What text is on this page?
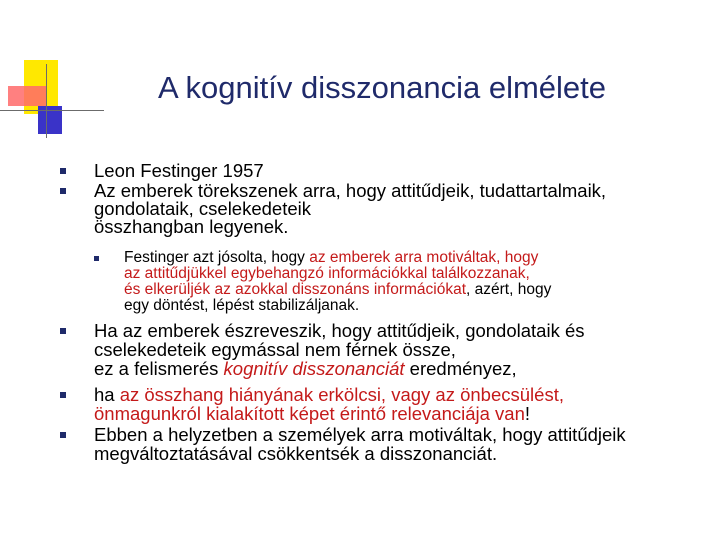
A kognitív disszonancia elmélete
Leon Festinger 1957
Az emberek törekszenek arra, hogy attitűdjeik, tudattartalmaik,
gondolataik, cselekedeteik
összhangban legyenek.
Festinger azt jósolta, hogy az emberek arra motiváltak, hogy
az attitűdjükkel egybehangzó információkkal találkozzanak,
és elkerüljék az azokkal disszonáns információkat, azért, hogy
egy döntést, lépést stabilizáljanak.
Ha az emberek észreveszik, hogy attitűdjeik, gondolataik és
cselekedeteik egymással nem férnek össze,
ez a felismerés kognitív disszonanciát eredményez,
ha az összhang hiányának erkölcsi, vagy az önbecsülést,
önmagunkról kialakított képet érintő relevanciája van!
Ebben a helyzetben a személyek arra motiváltak, hogy attitűdjeik
megváltoztatásával csökkentsék a disszonanciát.
